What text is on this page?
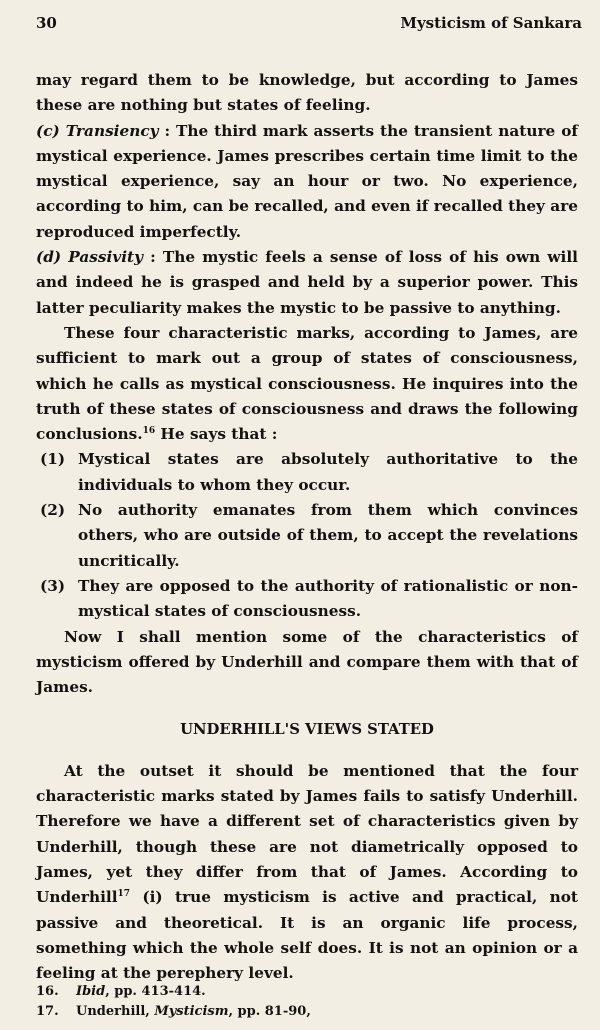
30	Mysticism of Sankara

may regard them to be knowledge, but according to James these are nothing but states of feeling.

(c) Transiency : The third mark asserts the transient nature of mystical experience. James prescribes certain time limit to the mystical experience, say an hour or two. No experience, according to him, can be recalled, and even if recalled they are reproduced imperfectly.

(d) Passivity : The mystic feels a sense of loss of his own will and indeed he is grasped and held by a superior power. This latter peculiarity makes the mystic to be passive to anything.

These four characteristic marks, according to James, are sufficient to mark out a group of states of consciousness, which he calls as mystical consciousness. He inquires into the truth of these states of consciousness and draws the following conclusions.$^{16}$ He says that :

(1) Mystical states are absolutely authoritative to the individuals to whom they occur.
(2) No authority emanates from them which convinces others, who are outside of them, to accept the revelations uncritically.
(3) They are opposed to the authority of rationalistic or non-mystical states of consciousness.

Now I shall mention some of the characteristics of mysticism offered by Underhill and compare them with that of James.

UNDERHILL'S VIEWS STATED

At the outset it should be mentioned that the four characteristic marks stated by James fails to satisfy Underhill. Therefore we have a different set of characteristics given by Underhill, though these are not diametrically opposed to James, yet they differ from that of James. According to Underhill$^{17}$ (i) true mysticism is active and practical, not passive and theoretical. It is an organic life process, something which the whole self does. It is not an opinion or a feeling at the perephery level.

16.	Ibid, pp. 413-414.
17.	Underhill, Mysticism, pp. 81-90,
